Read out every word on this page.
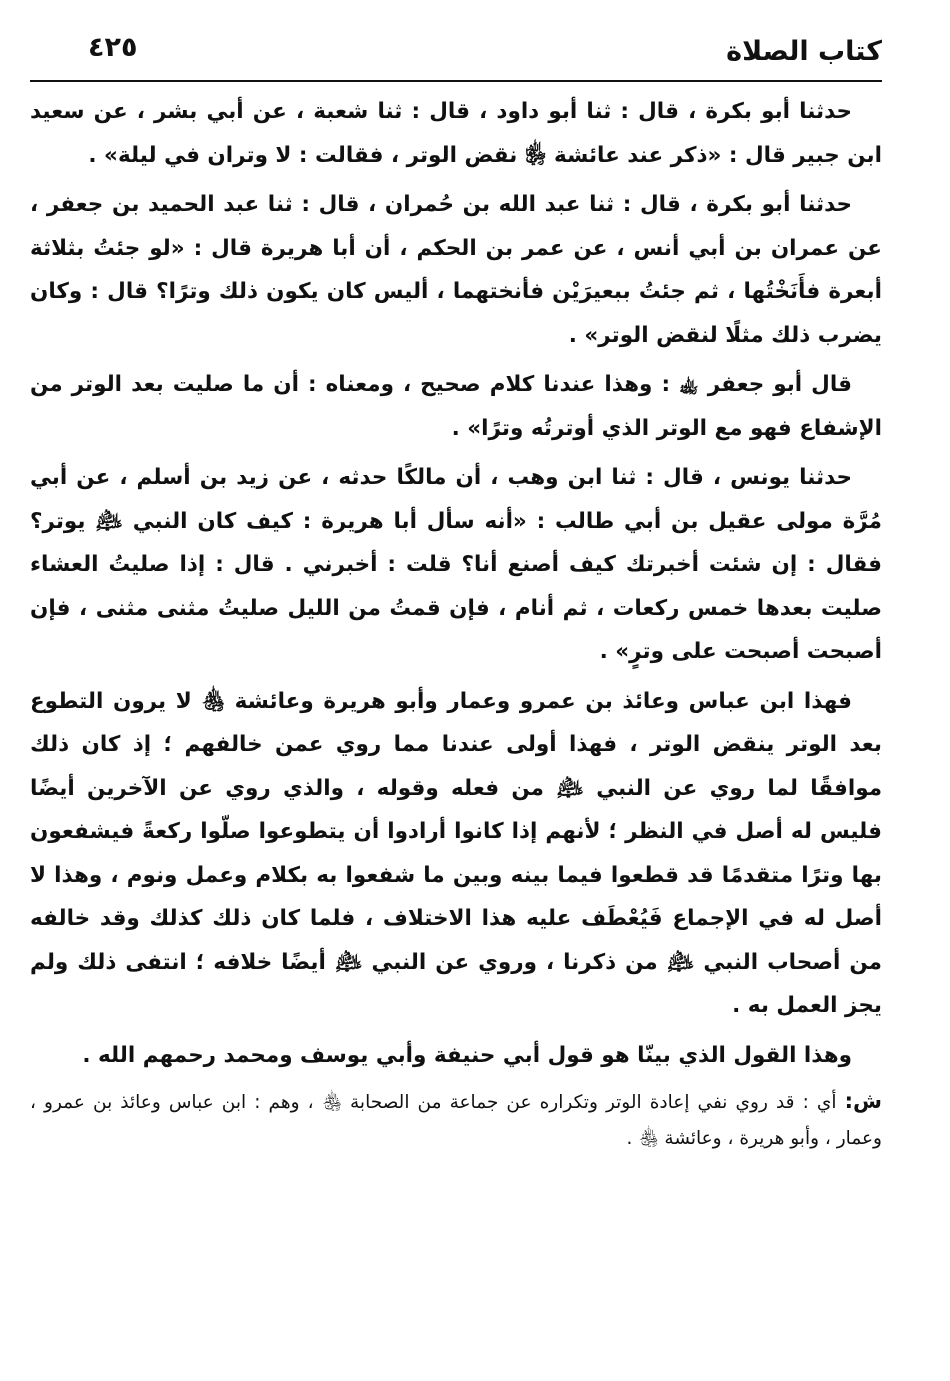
كتاب الصلاة
٤٢٥

حدثنا أبو بكرة ، قال : ثنا أبو داود ، قال : ثنا شعبة ، عن أبي بشر ، عن سعيد ابن جبير قال : «ذكر عند عائشة ﵂ نقض الوتر ، فقالت : لا وتران في ليلة» .

حدثنا أبو بكرة ، قال : ثنا عبد الله بن حُمران ، قال : ثنا عبد الحميد بن جعفر ، عن عمران بن أبي أنس ، عن عمر بن الحكم ، أن أبا هريرة قال : «لو جئتُ بثلاثة أبعرة فأَنَخْتُها ، ثم جئتُ ببعيرَيْن فأنختهما ، أليس كان يكون ذلك وترًا؟ قال : وكان يضرب ذلك مثلًا لنقض الوتر» .

قال أبو جعفر ﵀ : وهذا عندنا كلام صحيح ، ومعناه : أن ما صليت بعد الوتر من الإشفاع فهو مع الوتر الذي أوترتُه وترًا» .

حدثنا يونس ، قال : ثنا ابن وهب ، أن مالكًا حدثه ، عن زيد بن أسلم ، عن أبي مُرَّة مولى عقيل بن أبي طالب : «أنه سأل أبا هريرة : كيف كان النبي ﵇ يوتر؟ فقال : إن شئت أخبرتك كيف أصنع أنا؟ قلت : أخبرني . قال : إذا صليتُ العشاء صليت بعدها خمس ركعات ، ثم أنام ، فإن قمتُ من الليل صليتُ مثنى مثنى ، فإن أصبحت أصبحت على وترٍ» .

فهذا ابن عباس وعائذ بن عمرو وعمار وأبو هريرة وعائشة ﵃ لا يرون التطوع بعد الوتر ينقض الوتر ، فهذا أولى عندنا مما روي عمن خالفهم ؛ إذ كان ذلك موافقًا لما روي عن النبي ﵇ من فعله وقوله ، والذي روي عن الآخرين أيضًا فليس له أصل في النظر ؛ لأنهم إذا كانوا أرادوا أن يتطوعوا صلّوا ركعةً فيشفعون بها وترًا متقدمًا قد قطعوا فيما بينه وبين ما شفعوا به بكلام وعمل ونوم ، وهذا لا أصل له في الإجماع فَيُعْطَف عليه هذا الاختلاف ، فلما كان ذلك كذلك وقد خالفه من أصحاب النبي ﵇ من ذكرنا ، وروي عن النبي ﵇ أيضًا خلافه ؛ انتفى ذلك ولم يجز العمل به .

وهذا القول الذي بينّا هو قول أبي حنيفة وأبي يوسف ومحمد رحمهم الله .

ش: أي : قد روي نفي إعادة الوتر وتكراره عن جماعة من الصحابة ﵃ ، وهم : ابن عباس وعائذ بن عمرو ، وعمار ، وأبو هريرة ، وعائشة ﵃ .
